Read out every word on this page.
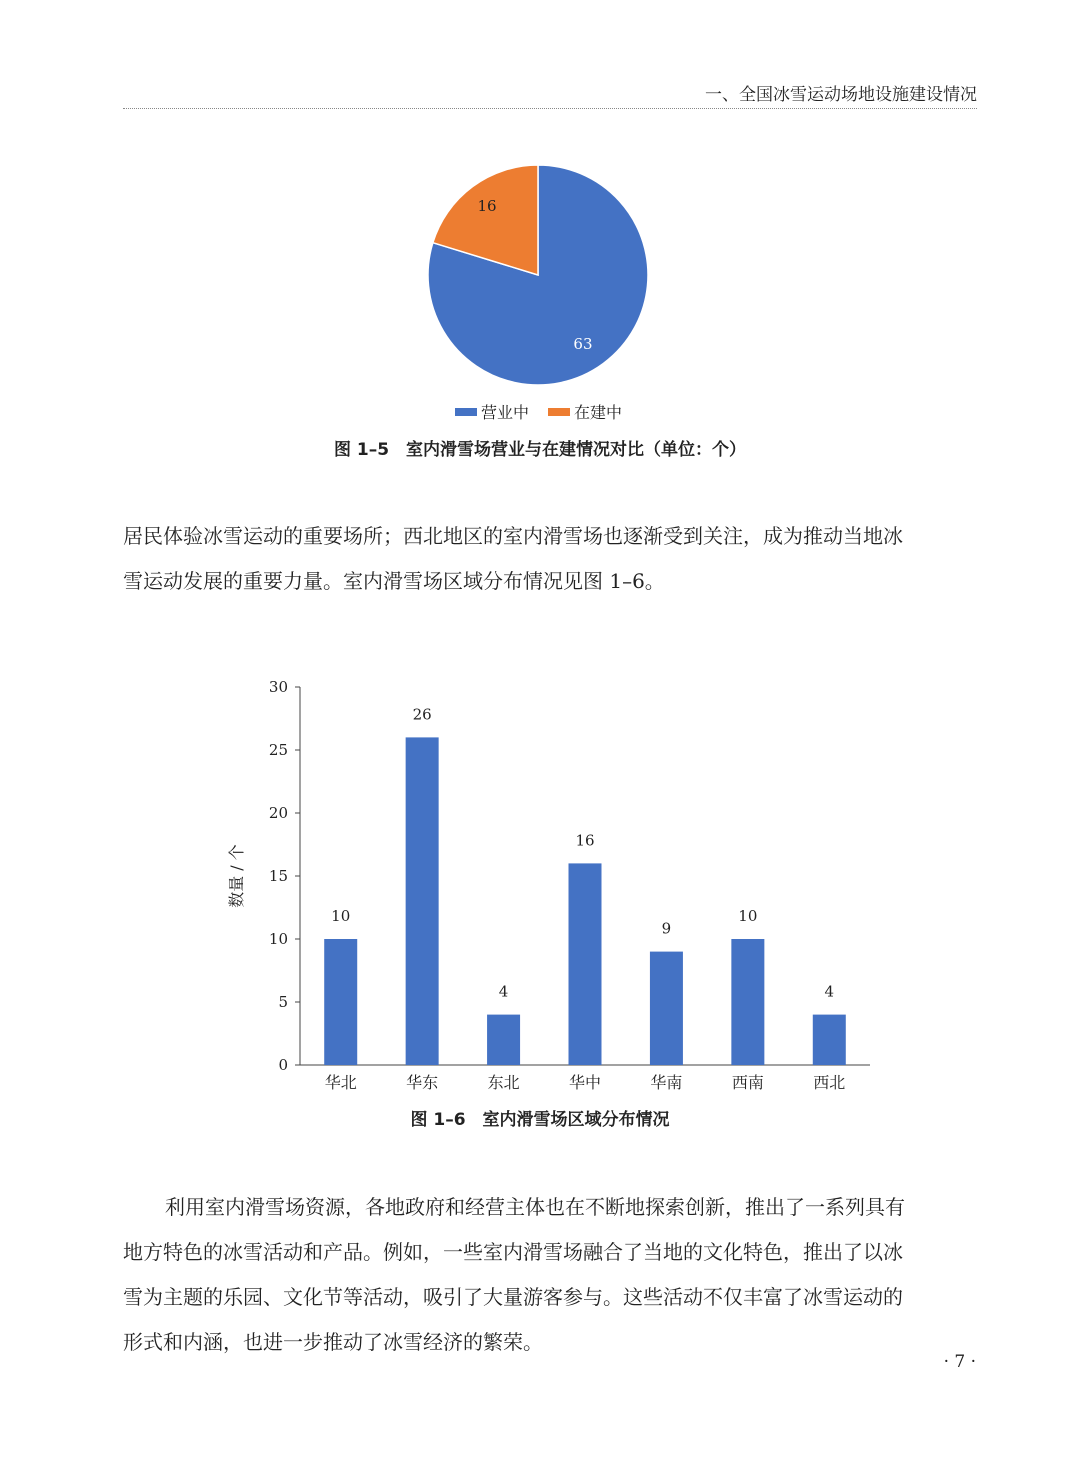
一、全国冰雪运动场地设施建设情况
63
16
营业中	在建中
图 1–5　室内滑雪场营业与在建情况对比（单位：个）

居民体验冰雪运动的重要场所；西北地区的室内滑雪场也逐渐受到关注，成为推动当地冰
雪运动发展的重要力量。室内滑雪场区域分布情况见图 1–6。

0
5
10
15
20
25
30
数量 / 个
10
华北
26
华东
4
东北
16
华中
9
华南
10
西南
4
西北
图 1–6　室内滑雪场区域分布情况

利用室内滑雪场资源，各地政府和经营主体也在不断地探索创新，推出了一系列具有
地方特色的冰雪活动和产品。例如，一些室内滑雪场融合了当地的文化特色，推出了以冰
雪为主题的乐园、文化节等活动，吸引了大量游客参与。这些活动不仅丰富了冰雪运动的
形式和内涵，也进一步推动了冰雪经济的繁荣。

· 7 ·
